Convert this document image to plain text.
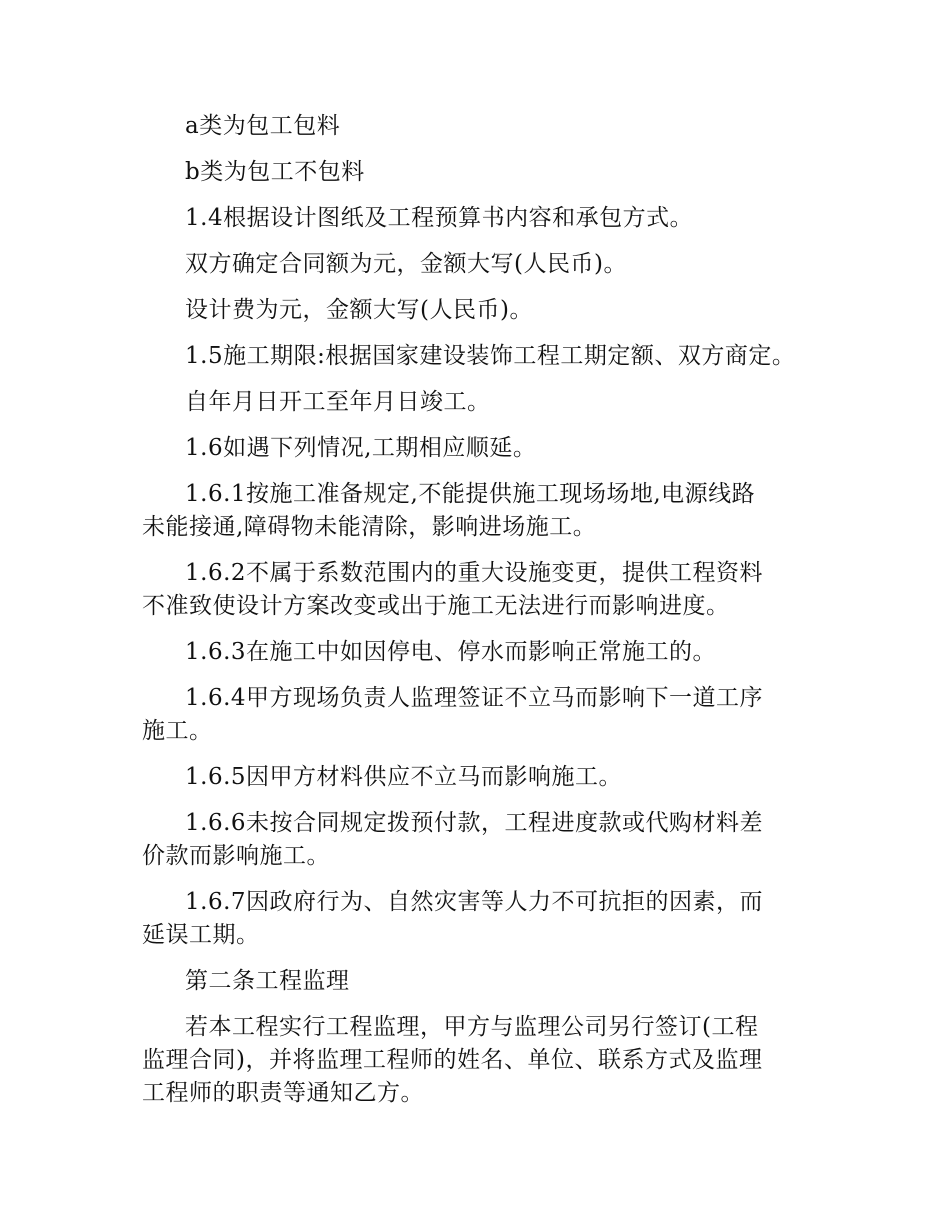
a类为包工包料

b类为包工不包料

1.4根据设计图纸及工程预算书内容和承包方式。

双方确定合同额为元，金额大写(人民币)。

设计费为元，金额大写(人民币)。

1.5施工期限:根据国家建设装饰工程工期定额、双方商定。

自年月日开工至年月日竣工。

1.6如遇下列情况,工期相应顺延。

1.6.1按施工准备规定,不能提供施工现场场地,电源线路
未能接通,障碍物未能清除，影响进场施工。

1.6.2不属于系数范围内的重大设施变更，提供工程资料
不准致使设计方案改变或出于施工无法进行而影响进度。

1.6.3在施工中如因停电、停水而影响正常施工的。

1.6.4甲方现场负责人监理签证不立马而影响下一道工序
施工。

1.6.5因甲方材料供应不立马而影响施工。

1.6.6未按合同规定拨预付款，工程进度款或代购材料差
价款而影响施工。

1.6.7因政府行为、自然灾害等人力不可抗拒的因素，而
延误工期。

第二条工程监理

若本工程实行工程监理，甲方与监理公司另行签订(工程
监理合同)，并将监理工程师的姓名、单位、联系方式及监理
工程师的职责等通知乙方。
